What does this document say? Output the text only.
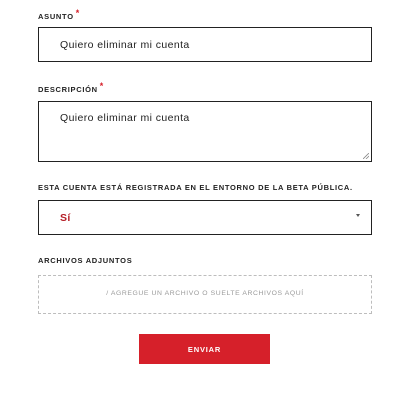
ASUNTO *
Quiero eliminar mi cuenta
DESCRIPCIÓN *
Quiero eliminar mi cuenta
ESTA CUENTA ESTÁ REGISTRADA EN EL ENTORNO DE LA BETA PÚBLICA.
Sí
ARCHIVOS ADJUNTOS
/ AGREGUE UN ARCHIVO O SUELTE ARCHIVOS AQUÍ
ENVIAR
